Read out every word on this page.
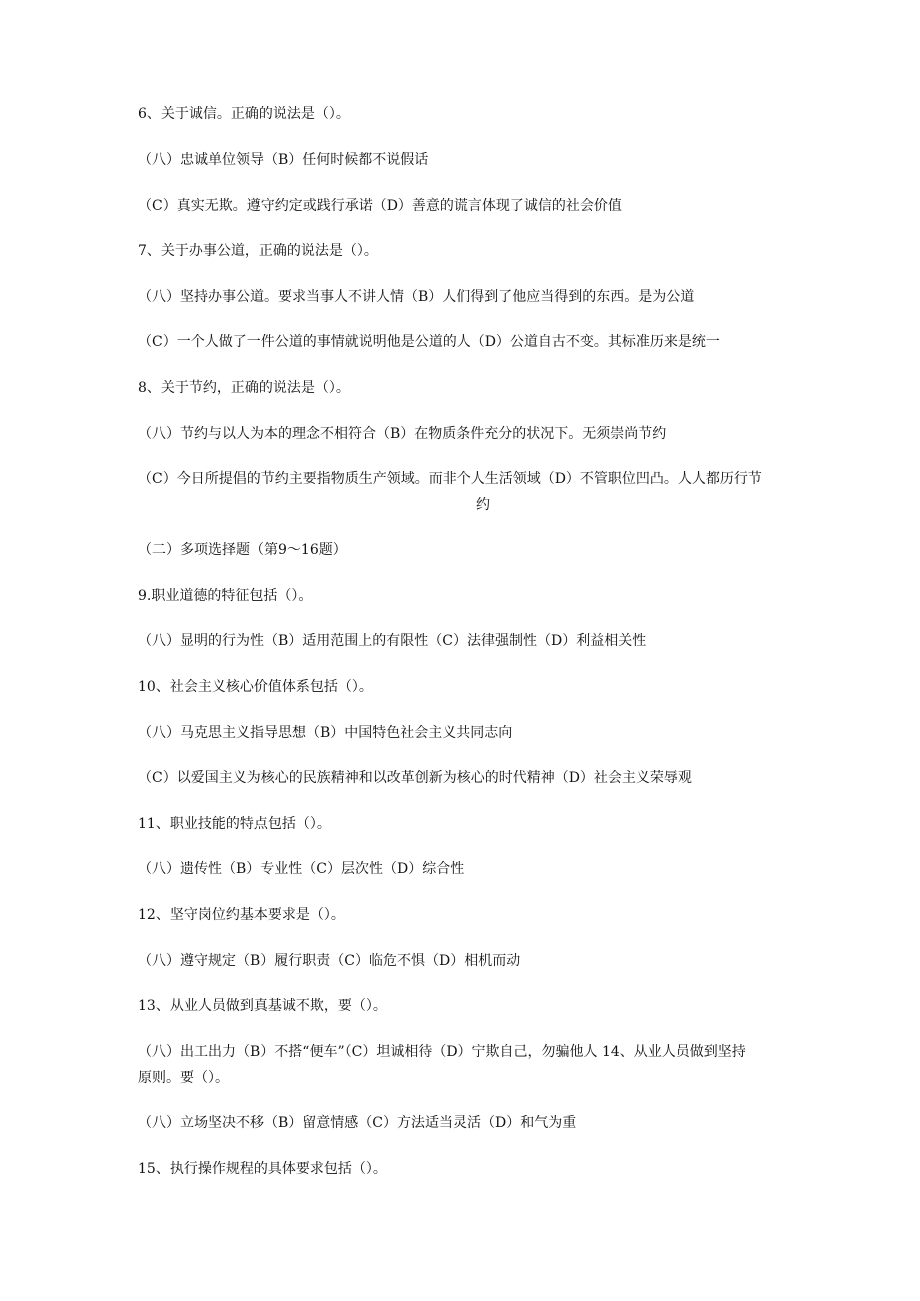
6、关于诚信。正确的说法是（）。
（八）忠诚单位领导（B）任何时候都不说假话
（C）真实无欺。遵守约定或践行承诺（D）善意的谎言体现了诚信的社会价值
7、关于办事公道，正确的说法是（）。
（八）坚持办事公道。要求当事人不讲人情（B）人们得到了他应当得到的东西。是为公道
（C）一个人做了一件公道的事情就说明他是公道的人（D）公道自古不变。其标准历来是统一
8、关于节约，正确的说法是（）。
（八）节约与以人为本的理念不相符合（B）在物质条件充分的状况下。无须崇尚节约
（C）今日所提倡的节约主要指物质生产领域。而非个人生活领域（D）不管职位凹凸。人人都历行节
约
（二）多项选择题（第9～16题）
9.职业道德的特征包括（）。
（八）显明的行为性（B）适用范围上的有限性（C）法律强制性（D）利益相关性
10、社会主义核心价值体系包括（）。
（八）马克思主义指导思想（B）中国特色社会主义共同志向
（C）以爱国主义为核心的民族精神和以改革创新为核心的时代精神（D）社会主义荣辱观
11、职业技能的特点包括（）。
（八）遗传性（B）专业性（C）层次性（D）综合性
12、坚守岗位约基本要求是（）。
（八）遵守规定（B）履行职责（C）临危不惧（D）相机而动
13、从业人员做到真基诚不欺，要（）。
（八）出工出力（B）不搭“便车”（C）坦诚相待（D）宁欺自己，勿骗他人 14、从业人员做到坚持
原则。要（）。
（八）立场坚决不移（B）留意情感（C）方法适当灵活（D）和气为重
15、执行操作规程的具体要求包括（）。
